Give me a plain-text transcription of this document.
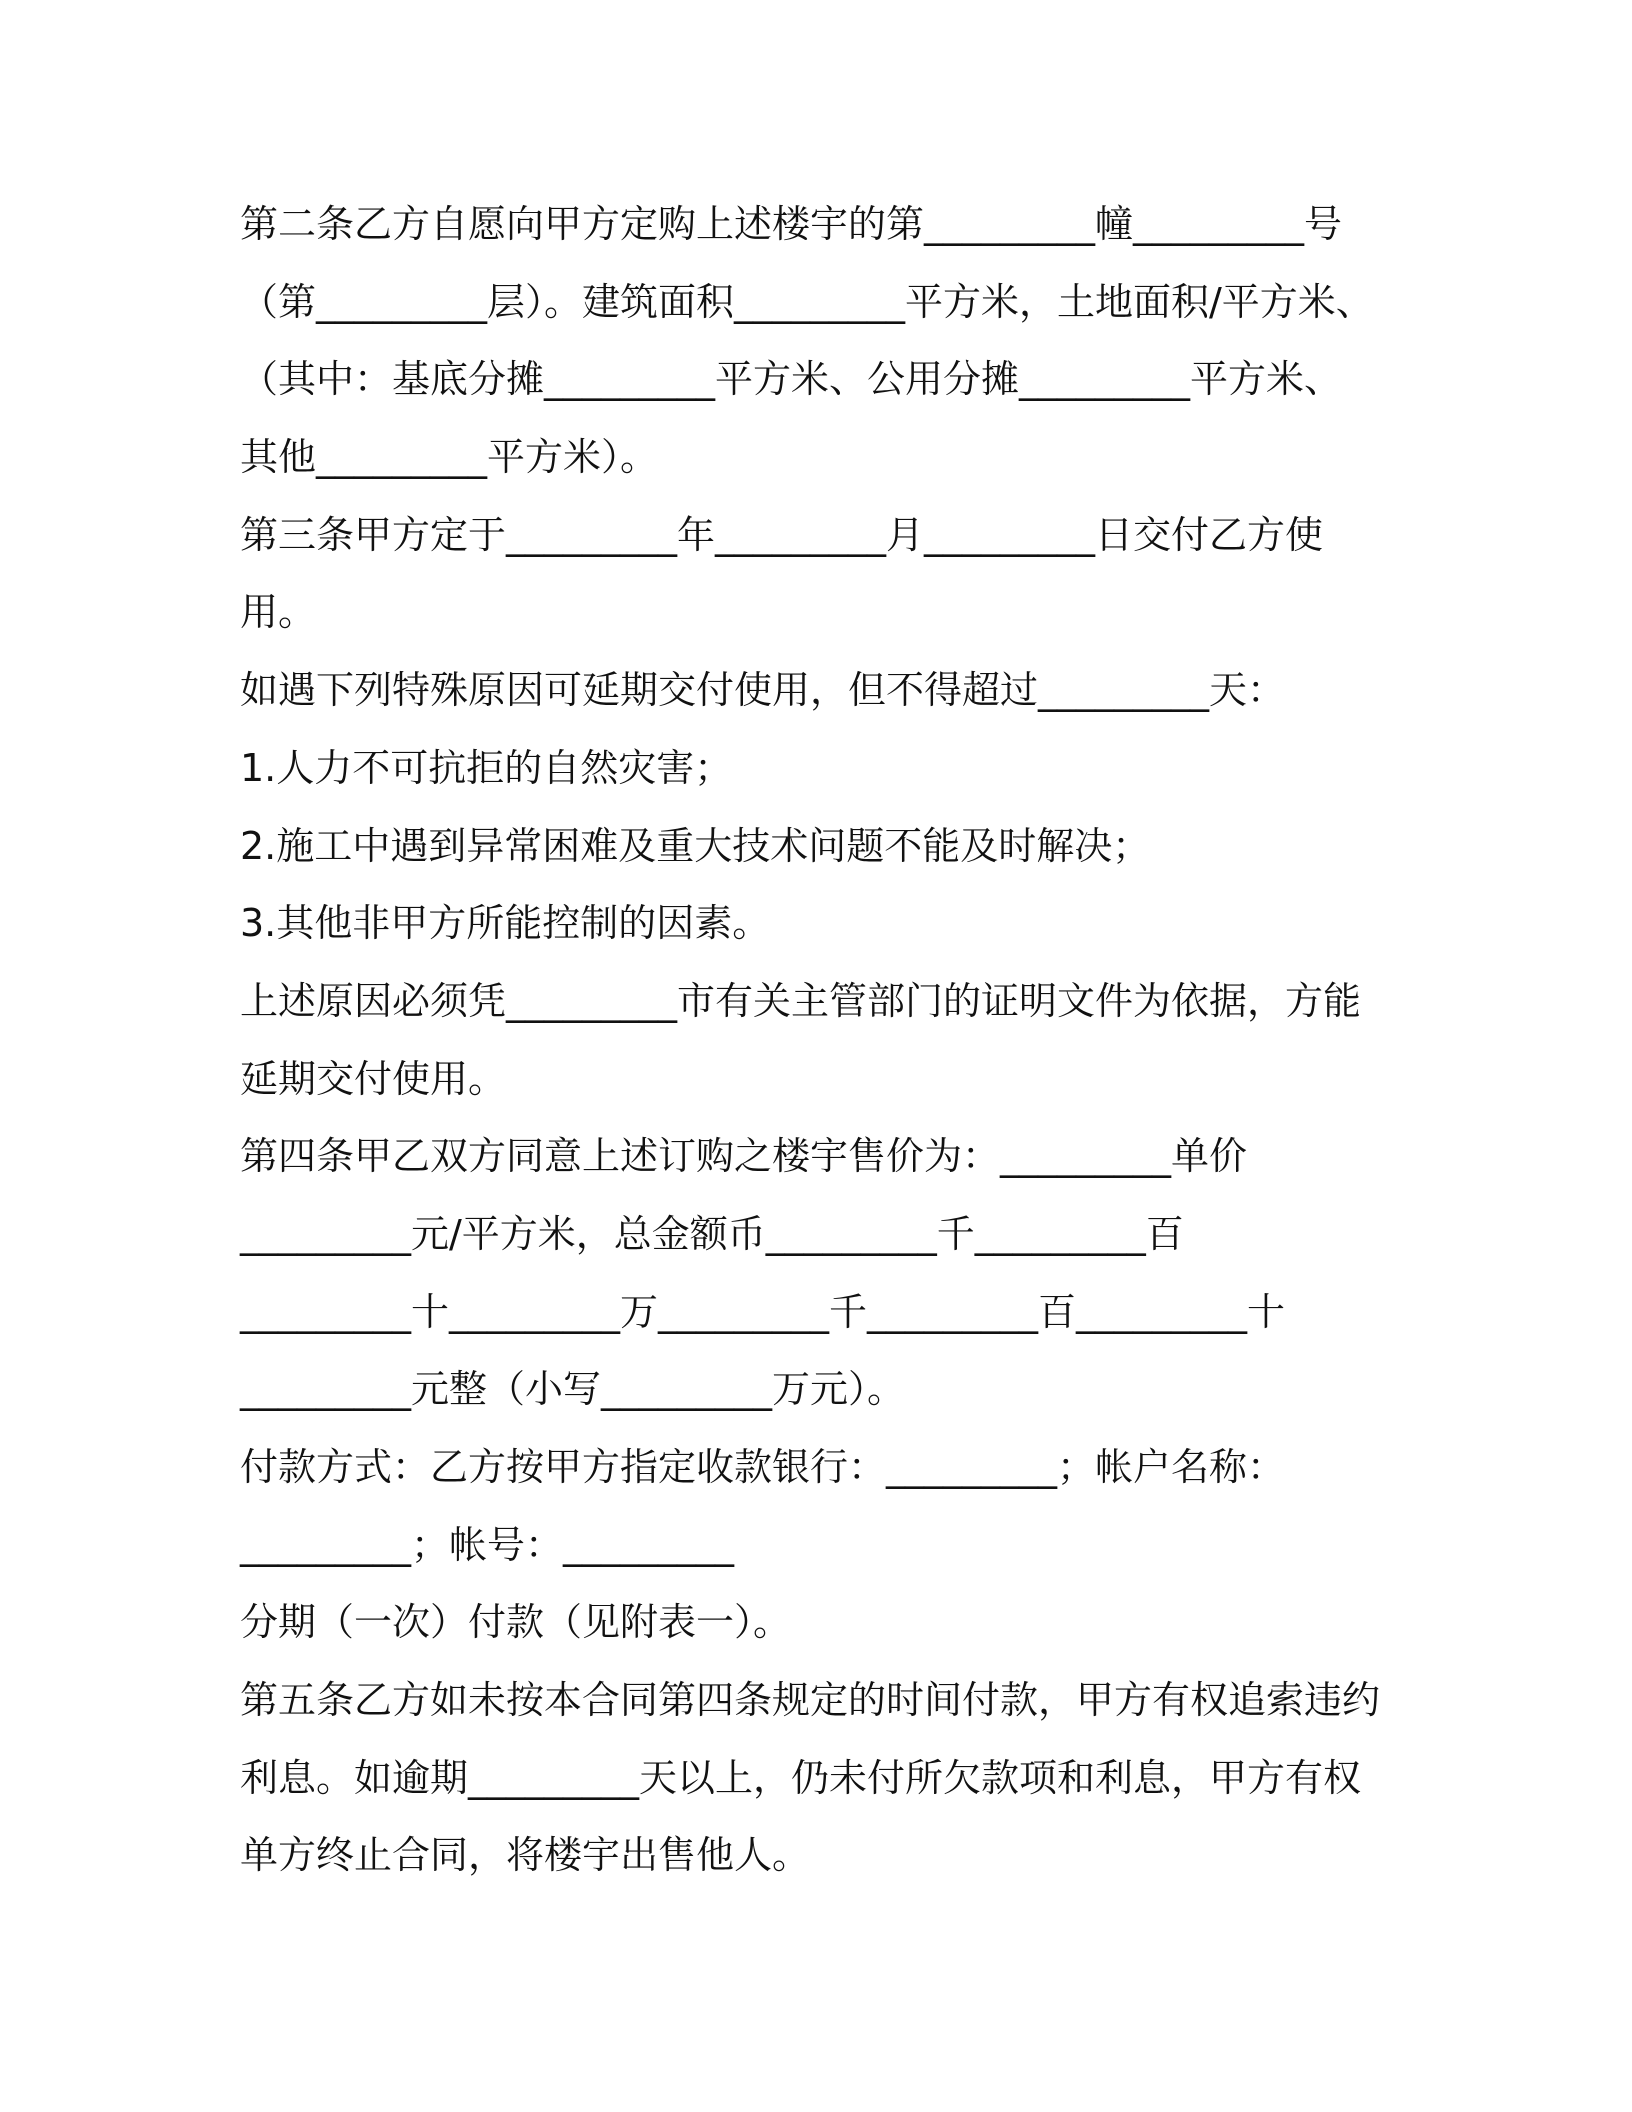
第二条乙方自愿向甲方定购上述楼宇的第_________幢_________号
（第_________层）。建筑面积_________平方米，土地面积/平方米、
（其中：基底分摊_________平方米、公用分摊_________平方米、
其他_________平方米）。
第三条甲方定于_________年_________月_________日交付乙方使
用。
如遇下列特殊原因可延期交付使用，但不得超过_________天：
1.人力不可抗拒的自然灾害；
2.施工中遇到异常困难及重大技术问题不能及时解决；
3.其他非甲方所能控制的因素。
上述原因必须凭_________市有关主管部门的证明文件为依据，方能
延期交付使用。
第四条甲乙双方同意上述订购之楼宇售价为：_________单价
_________元/平方米，总金额币_________千_________百
_________十_________万_________千_________百_________十
_________元整（小写_________万元）。
付款方式：乙方按甲方指定收款银行：_________；帐户名称：
_________；帐号：_________
分期（一次）付款（见附表一）。
第五条乙方如未按本合同第四条规定的时间付款，甲方有权追索违约
利息。如逾期_________天以上，仍未付所欠款项和利息，甲方有权
单方终止合同，将楼宇出售他人。
